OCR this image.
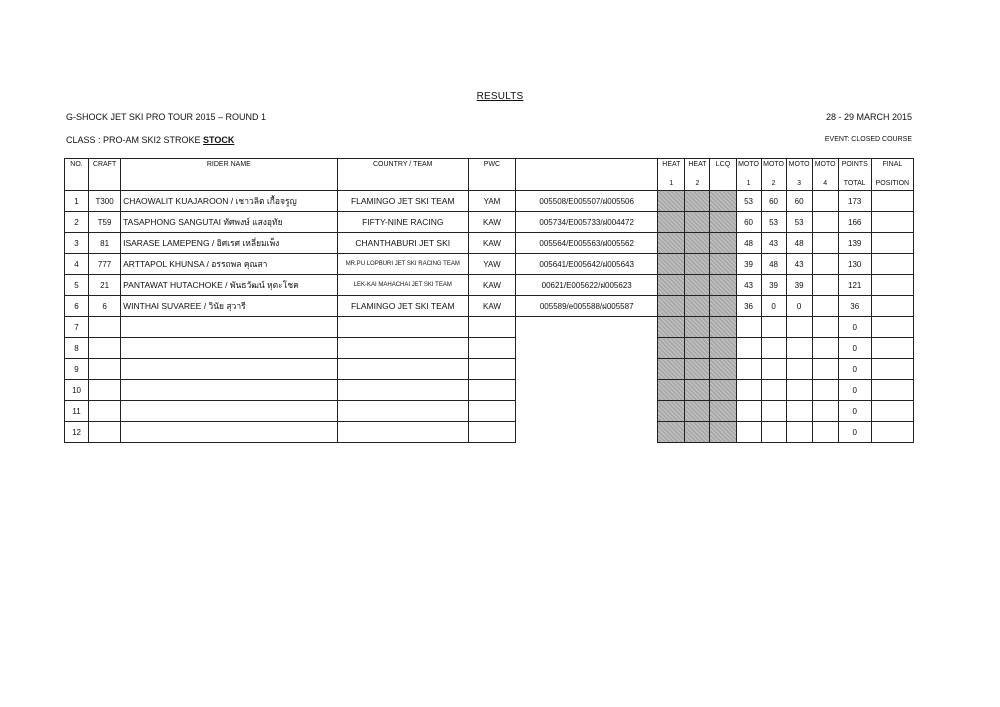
RESULTS
G-SHOCK JET SKI PRO TOUR 2015 – ROUND 1	28 - 29 MARCH 2015
CLASS : PRO-AM SKI2 STROKE STOCK	EVENT: CLOSED COURSE
NO.	CRAFT	RIDER NAME	COUNTRY / TEAM	PWC		HEAT	HEAT	LCQ	MOTO	MOTO	MOTO	MOTO	POINTS	FINAL
						1	2		1	2	3	4	TOTAL	POSITION
1	T300	CHAOWALIT KUAJAROON / เชาวลิต เกื้อจรูญ	FLAMINGO JET SKI TEAM	YAM	005508/E005507/ฝ005506				53	60	60		173	
2	T59	TASAPHONG SANGUTAI ทัศพงษ์ แสงอุทัย	FIFTY-NINE RACING	KAW	005734/E005733/ฝ004472				60	53	53		166	
3	81	ISARASE LAMEPENG / อิศเรศ เหลี่ยมเพ็ง	CHANTHABURI JET SKI	KAW	005564/E005563/ฝ005562				48	43	48		139	
4	777	ARTTAPOL KHUNSA / อรรถพล คุณสา	MR.PU LOPBURI JET SKI RACING TEAM	YAW	005641/E005642/ฝ005643				39	48	43		130	
5	21	PANTAWAT HUTACHOKE / พันธวัฒน์ หุตะโชค	LEK-KAI MAHACHAI JET SKI TEAM	KAW	00621/E005622/ฝ005623				43	39	39		121	
6	6	WINTHAI SUVAREE / วินัย สุวารี	FLAMINGO JET SKI TEAM	KAW	005589/e005588/ฝ005587				36	0	0		36	
7													0	
8													0	
9													0	
10													0	
11													0	
12													0	
